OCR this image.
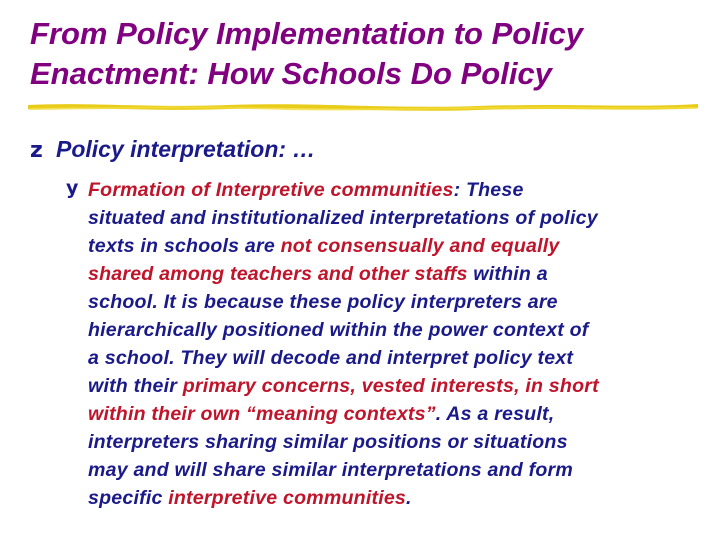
From Policy Implementation to Policy
Enactment: How Schools Do Policy
z Policy interpretation: …
y Formation of Interpretive communities: These
situated and institutionalized interpretations of policy
texts in schools are not consensually and equally
shared among teachers and other staffs within a
school. It is because these policy interpreters are
hierarchically positioned within the power context of
a school. They will decode and interpret policy text
with their primary concerns, vested interests, in short
within their own “meaning contexts”. As a result,
interpreters sharing similar positions or situations
may and will share similar interpretations and form
specific interpretive communities.
